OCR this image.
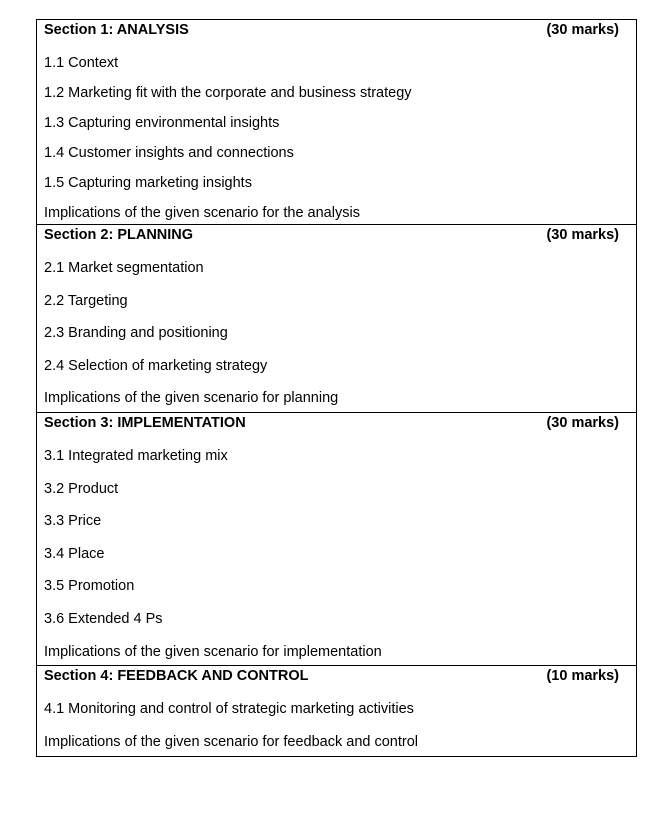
Section 1: ANALYSIS	(30 marks)
1.1 Context
1.2 Marketing fit with the corporate and business strategy
1.3 Capturing environmental insights
1.4 Customer insights and connections
1.5 Capturing marketing insights
Implications of the given scenario for the analysis
Section 2: PLANNING	(30 marks)
2.1 Market segmentation
2.2 Targeting
2.3 Branding and positioning
2.4 Selection of marketing strategy
Implications of the given scenario for planning
Section 3: IMPLEMENTATION	(30 marks)
3.1 Integrated marketing mix
3.2 Product
3.3 Price
3.4 Place
3.5 Promotion
3.6 Extended 4 Ps
Implications of the given scenario for implementation
Section 4: FEEDBACK AND CONTROL	(10 marks)
4.1 Monitoring and control of strategic marketing activities
Implications of the given scenario for feedback and control
